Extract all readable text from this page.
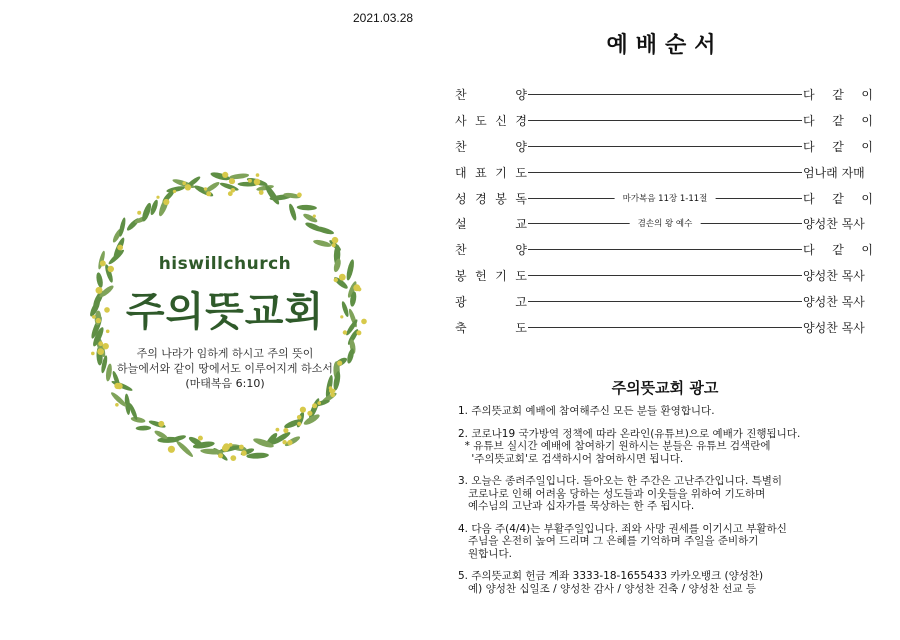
2021.03.28
hiswillchurch
주의뜻교회
주의 나라가 임하게 하시고 주의 뜻이
하늘에서와 같이 땅에서도 이루어지게 하소서
(마태복음 6:10)
예배순서
찬	양	다 같 이
사 도 신 경	다 같 이
찬	양	다 같 이
대 표 기 도	엄나래 자매
성 경 봉 독	마가복음 11장 1-11절	다 같 이
설	교	겸손의 왕 예수	양성찬 목사
찬	양	다 같 이
봉 헌 기 도	양성찬 목사
광	고	양성찬 목사
축	도	양성찬 목사
주의뜻교회 광고
1. 주의뜻교회 예배에 참여해주신 모든 분들 환영합니다.
2. 코로나19 국가방역 정책에 따라 온라인(유튜브)으로 예배가 진행됩니다.
* 유튜브 실시간 예배에 참여하기 원하시는 분들은 유튜브 검색란에
'주의뜻교회'로 검색하시어 참여하시면 됩니다.
3. 오늘은 종려주일입니다. 돌아오는 한 주간은 고난주간입니다. 특별히
코로나로 인해 어려움 당하는 성도들과 이웃들을 위하여 기도하며
예수님의 고난과 십자가를 묵상하는 한 주 됩시다.
4. 다음 주(4/4)는 부활주일입니다. 죄와 사망 권세를 이기시고 부활하신
주님을 온전히 높여 드리며 그 은혜를 기억하며 주일을 준비하기
원합니다.
5. 주의뜻교회 헌금 계좌 3333-18-1655433 카카오뱅크 (양성찬)
예) 양성찬 십일조 / 양성찬 감사 / 양성찬 건축 / 양성찬 선교 등
